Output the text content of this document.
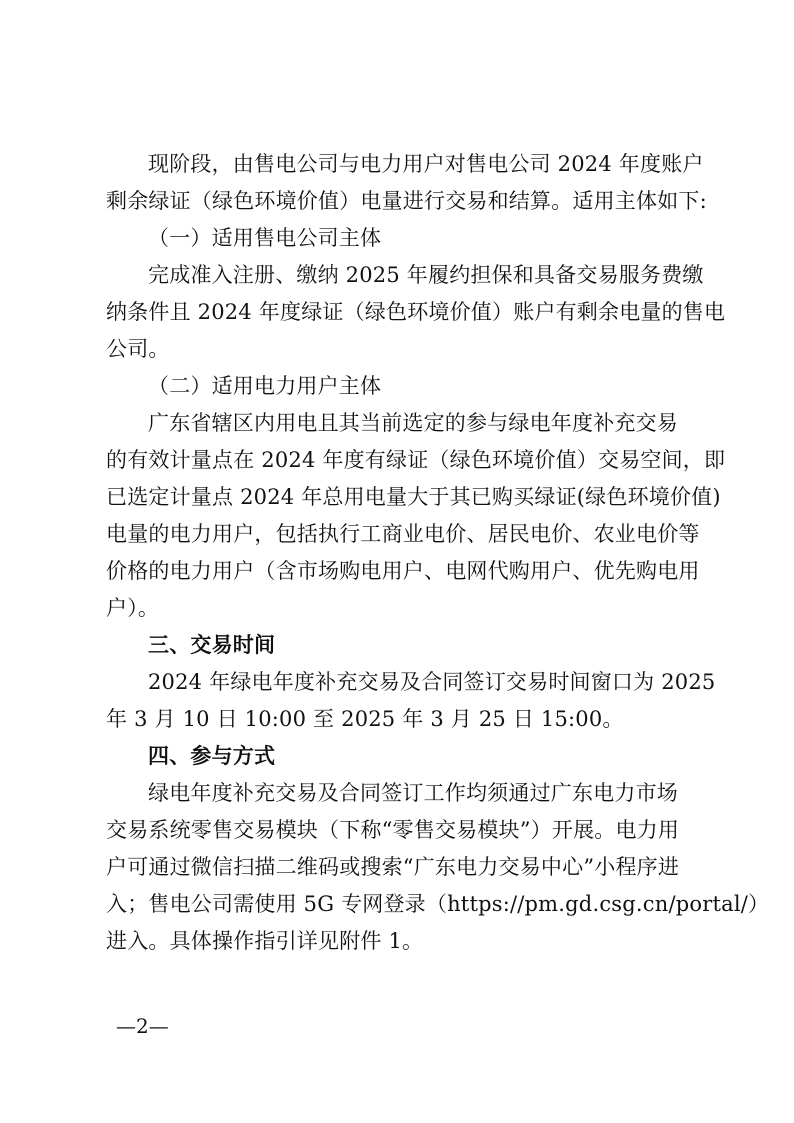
现阶段，由售电公司与电力用户对售电公司 2024 年度账户
剩余绿证（绿色环境价值）电量进行交易和结算。适用主体如下:
（一）适用售电公司主体
完成准入注册、缴纳 2025 年履约担保和具备交易服务费缴
纳条件且 2024 年度绿证（绿色环境价值）账户有剩余电量的售电
公司。
（二）适用电力用户主体
广东省辖区内用电且其当前选定的参与绿电年度补充交易
的有效计量点在 2024 年度有绿证（绿色环境价值）交易空间，即
已选定计量点 2024 年总用电量大于其已购买绿证(绿色环境价值)
电量的电力用户，包括执行工商业电价、居民电价、农业电价等
价格的电力用户（含市场购电用户、电网代购用户、优先购电用
户）。
三、交易时间
2024 年绿电年度补充交易及合同签订交易时间窗口为 2025
年 3 月 10 日 10:00 至 2025 年 3 月 25 日 15:00。
四、参与方式
绿电年度补充交易及合同签订工作均须通过广东电力市场
交易系统零售交易模块（下称“零售交易模块”）开展。电力用
户可通过微信扫描二维码或搜索“广东电力交易中心”小程序进
入；售电公司需使用 5G 专网登录（https://pm.gd.csg.cn/portal/）
进入。具体操作指引详见附件 1。
—2—
